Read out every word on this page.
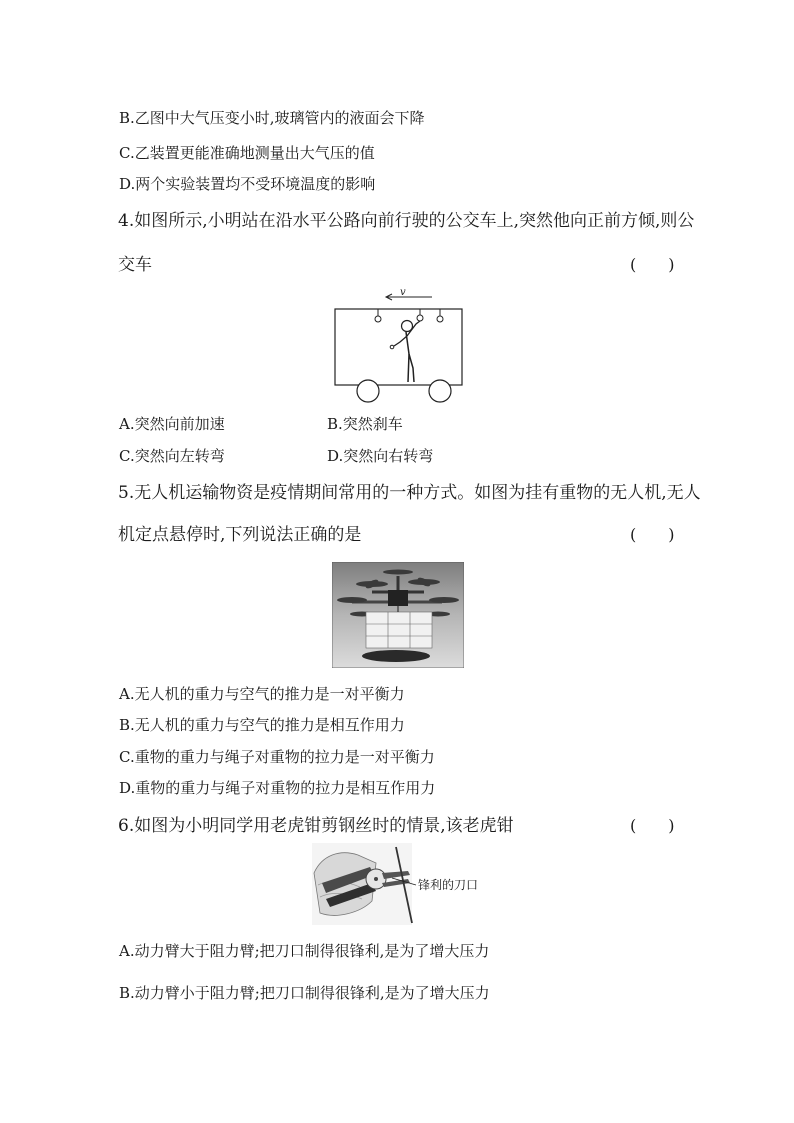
B.乙图中大气压变小时,玻璃管内的液面会下降
C.乙装置更能准确地测量出大气压的值
D.两个实验装置均不受环境温度的影响
4.如图所示,小明站在沿水平公路向前行驶的公交车上,突然他向正前方倾,则公
交车	(　　)
v
A.突然向前加速	B.突然刹车
C.突然向左转弯	D.突然向右转弯
5.无人机运输物资是疫情期间常用的一种方式。如图为挂有重物的无人机,无人
机定点悬停时,下列说法正确的是	(　　)
A.无人机的重力与空气的推力是一对平衡力
B.无人机的重力与空气的推力是相互作用力
C.重物的重力与绳子对重物的拉力是一对平衡力
D.重物的重力与绳子对重物的拉力是相互作用力
6.如图为小明同学用老虎钳剪钢丝时的情景,该老虎钳	(　　)
锋利的刀口
A.动力臂大于阻力臂;把刀口制得很锋利,是为了增大压力
B.动力臂小于阻力臂;把刀口制得很锋利,是为了增大压力
